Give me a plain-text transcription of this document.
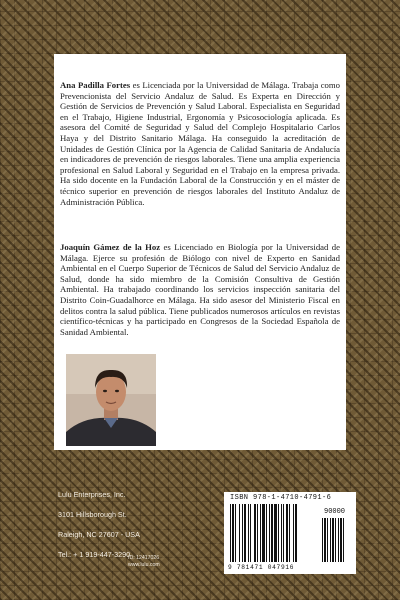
Ana Padilla Fortes es Licenciada por la Universidad de Málaga. Trabaja como Prevencionista del Servicio Andaluz de Salud. Es Experta en Dirección y Gestión de Servicios de Prevención y Salud Laboral. Especialista en Seguridad en el Trabajo, Higiene Industrial, Ergonomía y Psicosociología aplicada. Es asesora del Comité de Seguridad y Salud del Complejo Hospitalario Carlos Haya y del Distrito Sanitario Málaga. Ha conseguido la acreditación de Unidades de Gestión Clínica por la Agencia de Calidad Sanitaria de Andalucía en indicadores de prevención de riesgos laborales. Tiene una amplia experiencia profesional en Salud Laboral y Seguridad en el Trabajo en la empresa privada. Ha sido docente en la Fundación Laboral de la Construcción y en el máster de técnico superior en prevención de riesgos laborales del Instituto Andaluz de Administración Pública.

Joaquín Gámez de la Hoz es Licenciado en Biología por la Universidad de Málaga. Ejerce su profesión de Biólogo con nivel de Experto en Sanidad Ambiental en el Cuerpo Superior de Técnicos de Salud del Servicio Andaluz de Salud, donde ha sido miembro de la Comisión Consultiva de Gestión Ambiental. Ha trabajado coordinando los servicios inspección sanitaria del Distrito Coin-Guadalhorce en Málaga. Ha sido asesor del Ministerio Fiscal en delitos contra la salud pública. Tiene publicados numerosos artículos en revistas científico-técnicas y ha participado en Congresos de la Sociedad Española de Sanidad Ambiental.

Lulu Enterprises, Inc.
3101 Hillsborough St.
Raleigh, NC 27607 - USA
Tel.: + 1 919-447-3290
ID: 12417026
www.lulu.com
ISBN 978-1-4710-4791-6
90000
9 781471 047916
